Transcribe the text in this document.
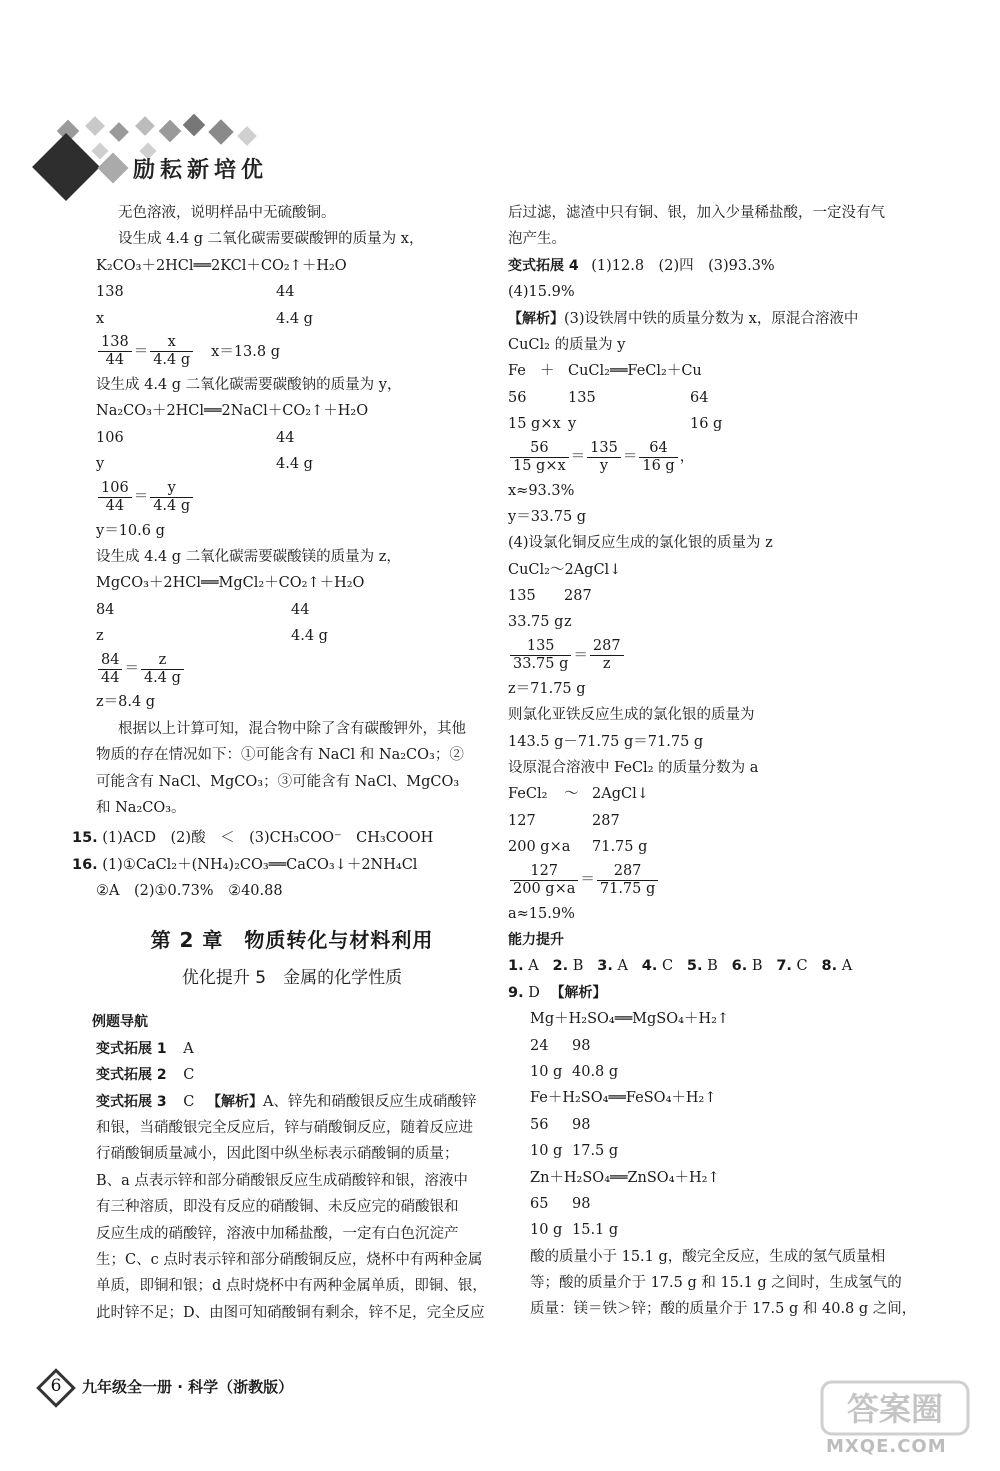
励耘新培优
无色溶液，说明样品中无硫酸铜。
设生成 4.4 g 二氧化碳需要碳酸钾的质量为 x，
K₂CO₃＋2HCl══2KCl＋CO₂↑＋H₂O
138	44
x	4.4 g
$\frac{138}{44} = \frac{x}{4.4 g} x=13.8$ g
设生成 4.4 g 二氧化碳需要碳酸钠的质量为 y，
Na₂CO₃＋2HCl══2NaCl＋CO₂↑＋H₂O
106	44
y	4.4 g
$\frac{106}{44} = \frac{y}{4.4 g}$
y＝10.6 g
设生成 4.4 g 二氧化碳需要碳酸镁的质量为 z，
MgCO₃＋2HCl══MgCl₂＋CO₂↑＋H₂O
84	44
z	4.4 g
$\frac{84}{44} = \frac{z}{4.4 g}$
z＝8.4 g
根据以上计算可知，混合物中除了含有碳酸钾外，其他
物质的存在情况如下：①可能含有 NaCl 和 Na₂CO₃；②
可能含有 NaCl、MgCO₃；③可能含有 NaCl、MgCO₃
和 Na₂CO₃。
15. (1)ACD　(2)酸　＜　(3)CH₃COO⁻　CH₃COOH
16. (1)①CaCl₂＋(NH₄)₂CO₃══CaCO₃↓＋2NH₄Cl
②A　(2)①0.73%　②40.88
第 2 章　物质转化与材料利用
优化提升 5　金属的化学性质
例题导航
变式拓展 1 A
变式拓展 2 C
变式拓展 3 C 【解析】A、锌先和硝酸银反应生成硝酸锌
和银，当硝酸银完全反应后，锌与硝酸铜反应，随着反应进
行硝酸铜质量减小，因此图中纵坐标表示硝酸铜的质量；
B、a 点表示锌和部分硝酸银反应生成硝酸锌和银，溶液中
有三种溶质，即没有反应的硝酸铜、未反应完的硝酸银和
反应生成的硝酸锌，溶液中加稀盐酸，一定有白色沉淀产
生；C、c 点时表示锌和部分硝酸铜反应，烧杯中有两种金属
单质，即铜和银；d 点时烧杯中有两种金属单质，即铜、银，
此时锌不足；D、由图可知硝酸铜有剩余，锌不足，完全反应
后过滤，滤渣中只有铜、银，加入少量稀盐酸，一定没有气
泡产生。
变式拓展 4 (1)12.8　(2)四　(3)93.3%
(4)15.9%
【解析】(3)设铁屑中铁的质量分数为 x，原混合溶液中
CuCl₂ 的质量为 y
Fe ＋ CuCl₂══FeCl₂＋Cu
56	135	64
15 g×x y	16 g
$\frac{56}{15 g\times x} = \frac{135}{y} = \frac{64}{16 g}$ ，
x≈93.3%
y＝33.75 g
(4)设氯化铜反应生成的氯化银的质量为 z
CuCl₂～2AgCl↓
135	287
33.75 g z
$\frac{135}{33.75 g} = \frac{287}{z}$
z＝71.75 g
则氯化亚铁反应生成的氯化银的质量为
143.5 g－71.75 g＝71.75 g
设原混合溶液中 FeCl₂ 的质量分数为 a
FeCl₂	～ 2AgCl↓
127	287
200 g×a	71.75 g
$\frac{127}{200 g\times a} = \frac{287}{71.75 g}$
a≈15.9%
能力提升
1. A 2. B 3. A 4. C 5. B 6. B 7. C 8. A
9. D 【解析】
Mg＋H₂SO₄══MgSO₄＋H₂↑
24	98
10 g 40.8 g
Fe＋H₂SO₄══FeSO₄＋H₂↑
56	98
10 g 17.5 g
Zn＋H₂SO₄══ZnSO₄＋H₂↑
65	98
10 g 15.1 g
酸的质量小于 15.1 g，酸完全反应，生成的氢气质量相
等；酸的质量介于 17.5 g 和 15.1 g 之间时，生成氢气的
质量：镁＝铁＞锌；酸的质量介于 17.5 g 和 40.8 g 之间，
6	九年级全一册 · 科学（浙教版）
答案圈
MXQE.COM
